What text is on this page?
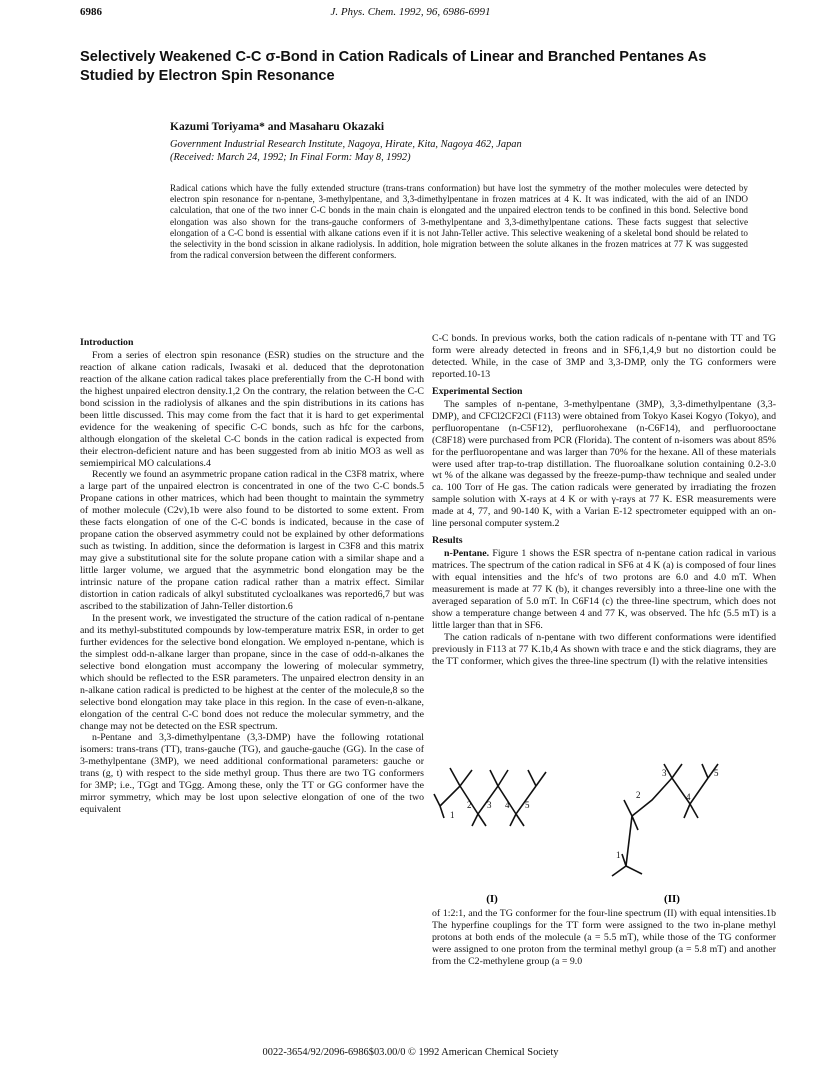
6986	J. Phys. Chem. 1992, 96, 6986-6991
Selectively Weakened C-C σ-Bond in Cation Radicals of Linear and Branched Pentanes As Studied by Electron Spin Resonance
Kazumi Toriyama* and Masaharu Okazaki
Government Industrial Research Institute, Nagoya, Hirate, Kita, Nagoya 462, Japan
(Received: March 24, 1992; In Final Form: May 8, 1992)
Radical cations which have the fully extended structure (trans-trans conformation) but have lost the symmetry of the mother molecules were detected by electron spin resonance for n-pentane, 3-methylpentane, and 3,3-dimethylpentane in frozen matrices at 4 K. It was indicated, with the aid of an INDO calculation, that one of the two inner C-C bonds in the main chain is elongated and the unpaired electron tends to be confined in this bond. Selective bond elongation was also shown for the trans-gauche conformers of 3-methylpentane and 3,3-dimethylpentane cations. These facts suggest that selective elongation of a C-C bond is essential with alkane cations even if it is not Jahn-Teller active. This selective weakening of a skeletal bond should be related to the selectivity in the bond scission in alkane radiolysis. In addition, hole migration between the solute alkanes in the frozen matrices at 77 K was suggested from the radical conversion between the different conformers.
Introduction

From a series of electron spin resonance (ESR) studies on the structure and the reaction of alkane cation radicals, Iwasaki et al. deduced that the deprotonation reaction of the alkane cation radical takes place preferentially from the C-H bond with the highest unpaired electron density.1,2 On the contrary, the relation between the C-C bond scission in the radiolysis of alkanes and the spin distributions in its cations has been little discussed. This may come from the fact that it is hard to get experimental evidence for the weakening of specific C-C bonds, such as hfc for the carbons, although elongation of the skeletal C-C bonds in the cation radical is expected from their electron-deficient nature and has been suggested from ab initio MO3 as well as semiempirical MO calculations.4

Recently we found an asymmetric propane cation radical in the C3F8 matrix, where a large part of the unpaired electron is concentrated in one of the two C-C bonds.5 Propane cations in other matrices, which had been thought to maintain the symmetry of mother molecule (C2v),1b were also found to be distorted to some extent. From these facts elongation of one of the C-C bonds is indicated, because in the case of propane cation the observed asymmetry could not be explained by other deformations such as twisting. In addition, since the deformation is largest in C3F8 and this matrix may give a substitutional site for the solute propane cation with a similar shape and a little larger volume, we argued that the asymmetric bond elongation may be the intrinsic nature of the propane cation radical rather than a matrix effect. Similar distortion in cation radicals of alkyl substituted cycloalkanes was reported6,7 but was ascribed to the stabilization of Jahn-Teller distortion.6

In the present work, we investigated the structure of the cation radical of n-pentane and its methyl-substituted compounds by low-temperature matrix ESR, in order to get further evidences for the selective bond elongation. We employed n-pentane, which is the simplest odd-n-alkane larger than propane, since in the case of odd-n-alkanes the selective bond elongation must accompany the lowering of molecular symmetry, which should be reflected to the ESR parameters. The unpaired electron density in an n-alkane cation radical is predicted to be highest at the center of the molecule,8 so the selective bond elongation may take place in this region. In the case of even-n-alkane, elongation of the central C-C bond does not reduce the molecular symmetry, and the change may not be detected on the ESR spectrum.

n-Pentane and 3,3-dimethylpentane (3,3-DMP) have the following rotational isomers: trans-trans (TT), trans-gauche (TG), and gauche-gauche (GG). In the case of 3-methylpentane (3MP), we need additional conformational parameters: gauche or trans (g, t) with respect to the side methyl group. Thus there are two TG conformers for 3MP; i.e., TGgt and TGgg. Among these, only the TT or GG conformer have the mirror symmetry, which may be lost upon selective elongation of one of the two equivalent

C-C bonds. In previous works, both the cation radicals of n-pentane with TT and TG form were already detected in freons and in SF6,1,4,9 but no distortion could be detected. While, in the case of 3MP and 3,3-DMP, only the TG conformers were reported.10-13

Experimental Section

The samples of n-pentane, 3-methylpentane (3MP), 3,3-dimethylpentane (3,3-DMP), and CFCl2CF2Cl (F113) were obtained from Tokyo Kasei Kogyo (Tokyo), and perfluoropentane (n-C5F12), perfluorohexane (n-C6F14), and perfluorooctane (C8F18) were purchased from PCR (Florida). The content of n-isomers was about 85% for the perfluoropentane and was larger than 70% for the hexane. All of these materials were used after trap-to-trap distillation. The fluoroalkane solution containing 0.2-3.0 wt % of the alkane was degassed by the freeze-pump-thaw technique and sealed under ca. 100 Torr of He gas. The cation radicals were generated by irradiating the frozen sample solution with X-rays at 4 K or with γ-rays at 77 K. ESR measurements were made at 4, 77, and 90-140 K, with a Varian E-12 spectrometer equipped with an on-line personal computer system.2

Results

n-Pentane. Figure 1 shows the ESR spectra of n-pentane cation radical in various matrices. The spectrum of the cation radical in SF6 at 4 K (a) is composed of four lines with equal intensities and the hfc's of two protons are 6.0 and 4.0 mT. When measurement is made at 77 K (b), it changes reversibly into a three-line one with the averaged separation of 5.0 mT. In C6F14 (c) the three-line spectrum, which does not show a temperature change between 4 and 77 K, was observed. The hfc (5.5 mT) is a little larger than that in SF6.

The cation radicals of n-pentane with two different conformations were identified previously in F113 at 77 K.1b,4 As shown with trace e and the stick diagrams, they are the TT conformer, which gives the three-line spectrum (I) with the relative intensities

1
2 3 4 5
1
2
3
4
5
(I)	(II)

of 1:2:1, and the TG conformer for the four-line spectrum (II) with equal intensities.1b The hyperfine couplings for the TT form were assigned to the two in-plane methyl protons at both ends of the molecule (a = 5.5 mT), while those of the TG conformer were assigned to one proton from the terminal methyl group (a = 5.8 mT) and another from the C2-methylene group (a = 9.0

0022-3654/92/2096-6986$03.00/0 © 1992 American Chemical Society
